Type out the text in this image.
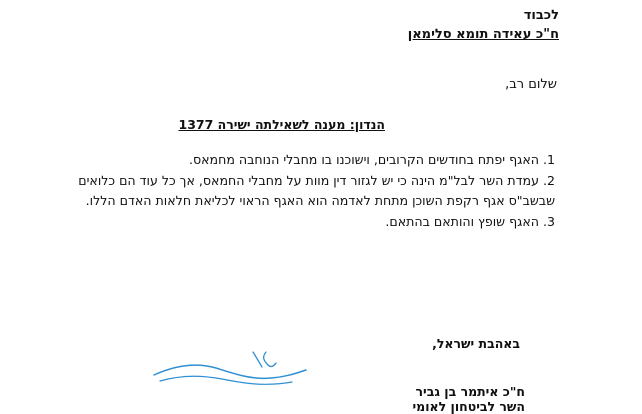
לכבוד

ח"כ עאידה תומא סלימאן

שלום רב,

הנדון: מענה לשאילתה ישירה 1377

1. האגף יפתח בחודשים הקרובים, וישוכנו בו מחבלי הנוחבה מחמאס.

2. עמדת השר לבל"מ הינה כי יש לגזור דין מוות על מחבלי החמאס, אך כל עוד הם כלואים

שבשב"ס אגף רקפת השוכן מתחת לאדמה הוא האגף הראוי לכליאת חלאות האדם הללו.

3. האגף שופץ והותאם בהתאם.

באהבת ישראל,

ח"כ איתמר בן גביר

השר לביטחון לאומי
